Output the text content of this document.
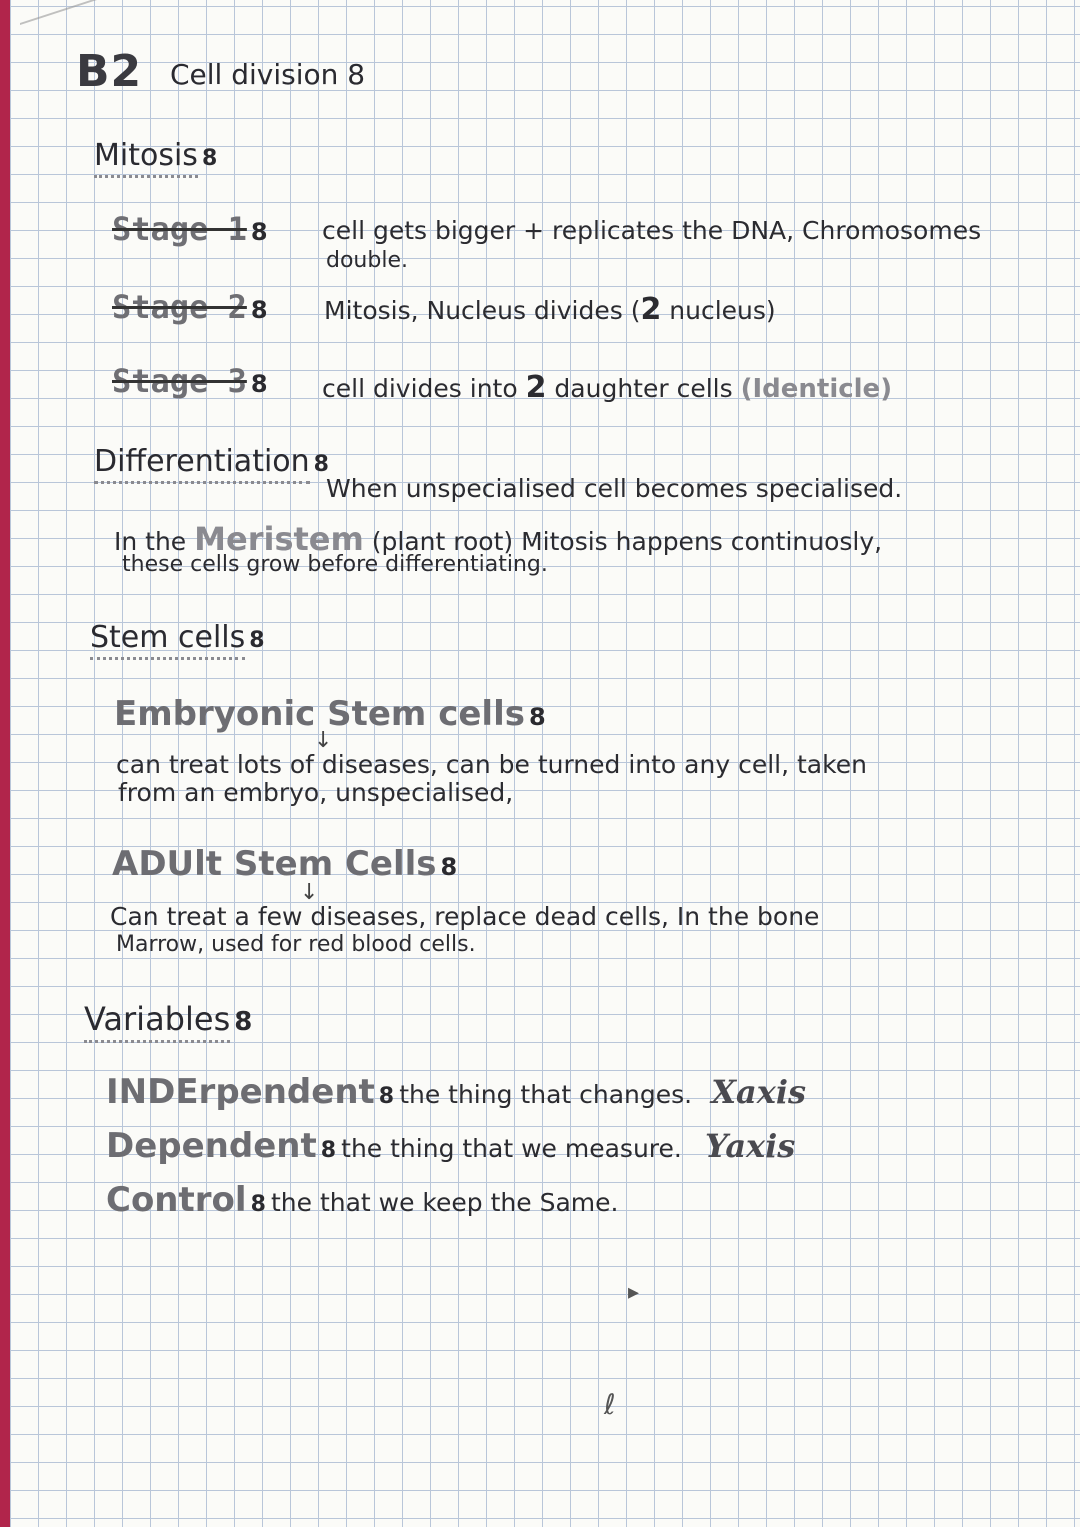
B2 Cell division 8
Mitosis 8
Stage 1 8 cell gets bigger + replicates the DNA, Chromosomes
double.
Stage 2 8 Mitosis, Nucleus divides (2 nucleus)
Stage 3 8 cell divides into 2 daughter cells (Identicle)
Differentiation 8
When unspecialised cell becomes specialised.
In the Meristem (plant root) Mitosis happens continuosly,
these cells grow before differentiating.
Stem cells 8
Embryonic Stem cells 8
↓
can treat lots of diseases, can be turned into any cell, taken
from an embryo, unspecialised,
ADUlt Stem Cells 8
↓
Can treat a few diseases, replace dead cells, In the bone
Marrow, used for red blood cells.
Variables 8
INDErpendent 8 the thing that changes. Xaxis
Dependent 8 the thing that we measure. Yaxis
Control 8 the that we keep the Same.
▸
ℓ
